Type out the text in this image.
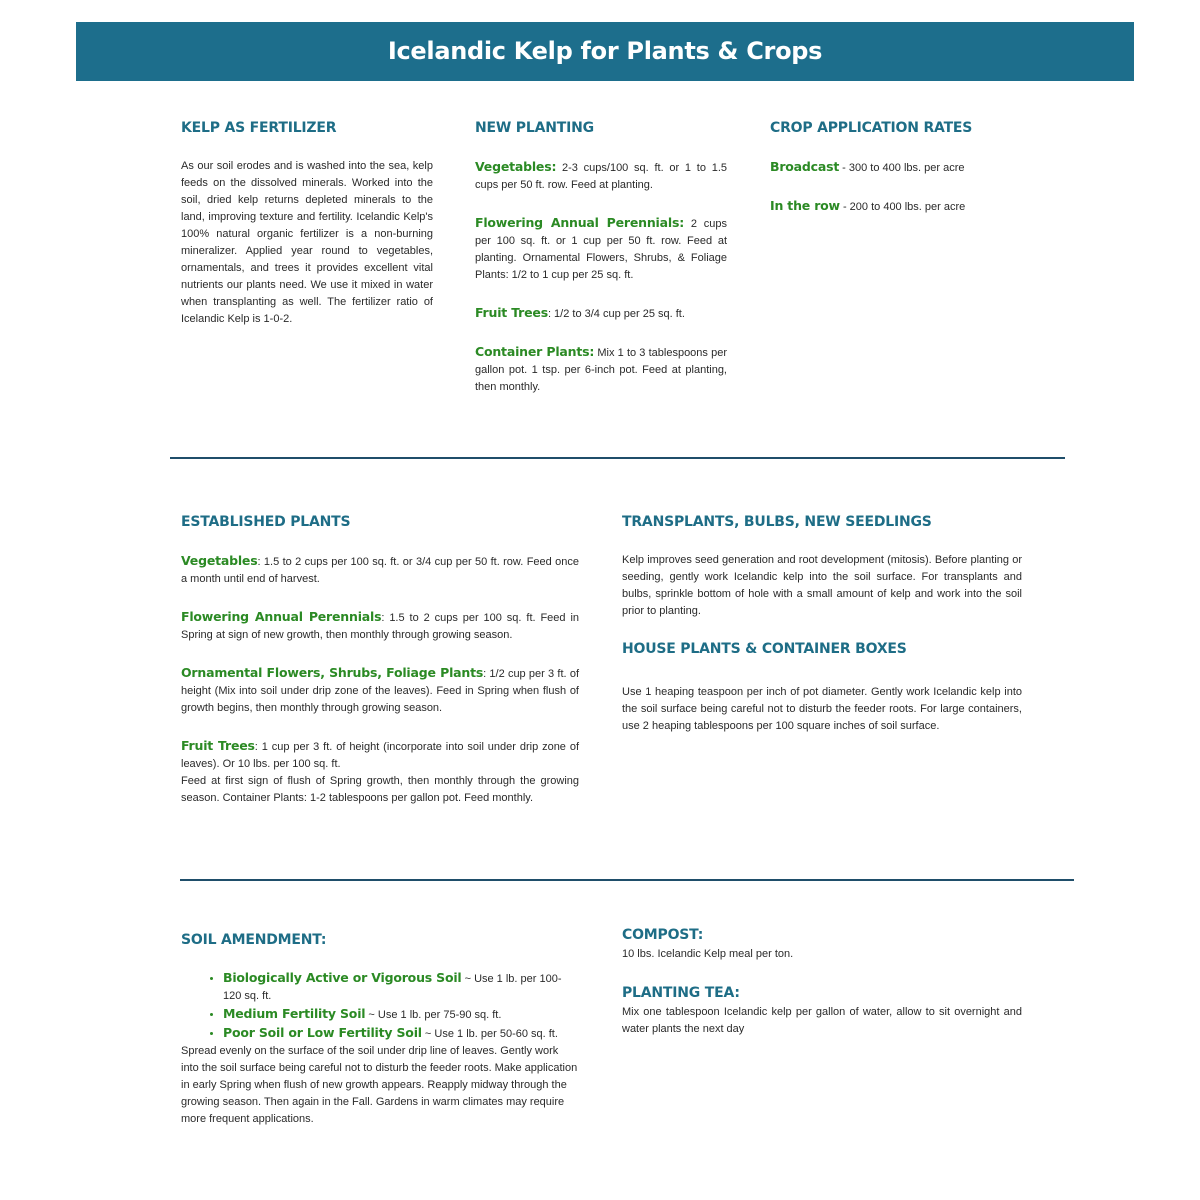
Icelandic Kelp for Plants & Crops
KELP AS FERTILIZER

As our soil erodes and is washed into the sea, kelp feeds on the dissolved minerals. Worked into the soil, dried kelp returns depleted minerals to the land, improving texture and fertility. Icelandic Kelp's 100% natural organic fertilizer is a non-burning mineralizer. Applied year round to vegetables, ornamentals, and trees it provides excellent vital nutrients our plants need. We use it mixed in water when transplanting as well. The fertilizer ratio of Icelandic Kelp is 1-0-2.

NEW PLANTING

Vegetables: 2-3 cups/100 sq. ft. or 1 to 1.5 cups per 50 ft. row. Feed at planting.

Flowering Annual Perennials: 2 cups per 100 sq. ft. or 1 cup per 50 ft. row. Feed at planting. Ornamental Flowers, Shrubs, & Foliage Plants: 1/2 to 1 cup per 25 sq. ft.

Fruit Trees: 1/2 to 3/4 cup per 25 sq. ft.

Container Plants: Mix 1 to 3 tablespoons per gallon pot. 1 tsp. per 6-inch pot. Feed at planting, then monthly.

CROP APPLICATION RATES

Broadcast - 300 to 400 lbs. per acre

In the row - 200 to 400 lbs. per acre

ESTABLISHED PLANTS

Vegetables: 1.5 to 2 cups per 100 sq. ft. or 3/4 cup per 50 ft. row. Feed once a month until end of harvest.

Flowering Annual Perennials: 1.5 to 2 cups per 100 sq. ft. Feed in Spring at sign of new growth, then monthly through growing season.

Ornamental Flowers, Shrubs, Foliage Plants: 1/2 cup per 3 ft. of height (Mix into soil under drip zone of the leaves). Feed in Spring when flush of growth begins, then monthly through growing season.

Fruit Trees: 1 cup per 3 ft. of height (incorporate into soil under drip zone of leaves). Or 10 lbs. per 100 sq. ft.

Feed at first sign of flush of Spring growth, then monthly through the growing season. Container Plants: 1-2 tablespoons per gallon pot. Feed monthly.

TRANSPLANTS, BULBS, NEW SEEDLINGS

Kelp improves seed generation and root development (mitosis). Before planting or seeding, gently work Icelandic kelp into the soil surface. For transplants and bulbs, sprinkle bottom of hole with a small amount of kelp and work into the soil prior to planting.

HOUSE PLANTS & CONTAINER BOXES

Use 1 heaping teaspoon per inch of pot diameter. Gently work Icelandic kelp into the soil surface being careful not to disturb the feeder roots. For large containers, use 2 heaping tablespoons per 100 square inches of soil surface.

SOIL AMENDMENT:
• Biologically Active or Vigorous Soil ~ Use 1 lb. per 100-120 sq. ft.
• Medium Fertility Soil ~ Use 1 lb. per 75-90 sq. ft.
• Poor Soil or Low Fertility Soil ~ Use 1 lb. per 50-60 sq. ft.

Spread evenly on the surface of the soil under drip line of leaves. Gently work into the soil surface being careful not to disturb the feeder roots. Make application in early Spring when flush of new growth appears. Reapply midway through the growing season. Then again in the Fall. Gardens in warm climates may require more frequent applications.

COMPOST:

10 lbs. Icelandic Kelp meal per ton.

PLANTING TEA:

Mix one tablespoon Icelandic kelp per gallon of water, allow to sit overnight and water plants the next day
